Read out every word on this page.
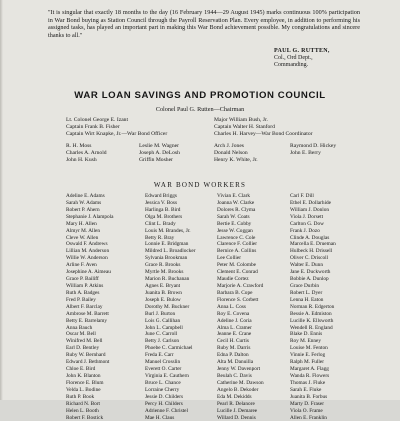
"It is singular that exactly 18 months to the day (16 February 1944—29 August 1945) marks continuous 100% participation in War Bond buying as Station Council through the Payroll Reservation Plan. Every employee, in addition to performing his assigned tasks, has played an important part in making this War Bond achievement possible. My congratulations and sincere thanks to all."
PAUL G. RUTTEN,
Col., Ord Dept.,
Commanding.
WAR LOAN SAVINGS AND PROMOTION COUNCIL
Colonel Paul G. Rutten—Chairman
Lt. Colonel George E. Izant
Captain Frank B. Fisher
Captain Wirt Knapke, Jr.—War Bond Officer
Major William Bush, Jr.
Captain Walter H. Stanford
Charles H. Harvey—War Bond Coordinator
R. H. Moss
Charles A. Arnold
John H. Kush
Leslie M. Wagner
Joseph A. DeLosh
Griffin Mosher
Arch J. Jones
Donald Nelson
Henry K. White, Jr.
Raymond D. Hickey
John E. Berry
WAR BOND WORKERS
Adeline E. Adams
Sarah W. Adams
Robert P. Ahern
Stephanie J. Alampola
Mary H. Allen
Almyr M. Allen
Cleve W. Allen
Oswald F. Andrews
Lillian M. Anderson
Willie W. Anderson
Arline F. Aven
Josephine A. Aimeau
Grace P. Bailiff
William P. Atkins
Ruth A. Badges
Fred P. Bailey
Albert F. Barclay
Ambrose M. Barrett
Betty E. Barrelamy
Anna Bauch
Oscar M. Bell
Winifred M. Bell
Earl D. Bentley
Ruby W. Bernhard
Edward J. Bethmont
Chloe E. Bird
John K. Blanton
Florence E. Blum
Velda L. Bodine
Ruth P. Book
Richard N. Bort
Helen L. Booth
Robert F. Bostick
Edward Briggs
Jessica V. Boss
Harlinga B. Bird
Olga M. Brothers
Clint L. Brady
Louis M. Brandes, Jr.
Betty R. Bray
Lonnie E. Bridgman
Mildred L. Broadlocker
Sylvania Brookman
Grace R. Brooks
Myrtle M. Brooks
Marion R. Buchanan
Agnes E. Bryant
Juanita B. Brown
Joseph E. Bulow
Dorothy M. Buckner
Burl J. Burton
Lois G. Callihan
John L. Campbell
June C. Carroll
Betty J. Carlson
Phoebe C. Carmichael
Freda E. Carr
Manuel Crosslin
Everett O. Carter
Virginia E. Cauthern
Bruce L. Chance
Lorraine Cherry
Jessie D. Childers
Percy H. Childers
Adrienne F. Christel
Mae H. Claus
Vivian E. Clark
Joanna W. Clarke
Dolores R. Clyma
Sarah W. Coats
Bertie E. Cobby
Jesse W. Coggan
Lawrence C. Cole
Clarence F. Collier
Bernice A. Collins
Lee Collier
Peter M. Colombe
Clement E. Conrad
Maudie Cortez
Marjorie A. Crawford
Barbara B. Cope
Florence S. Corbett
Anna L. Coss
Roy E. Covena
Adeline J. Coria
Alma L. Cramer
Jeanne E. Crane
Cecil H. Curtis
Ruby M. Darris
Edna P. Dalton
Alta M. Danuilla
Jenny W. Davenport
Beulah C. Davis
Catherine M. Dawson
Angelo B. Dekoder
Eda M. Dekidds
Pearl R. Delanore
Lucille J. Demaree
Willard D. Dennis
Carl F. Dill
Ethel E. Dollarhide
William J. Donlon
Viola J. Dorsett
Carlton G. Dow
Frank J. Dozo
Clinde A. Douglas
Marcella E. Drueman
Hulbeck H. Drissell
Oliver C. Driscoll
Walter E. Dunn
Jane E. Duckworth
Bobbie A. Dunlop
Grace Durbin
Robert L. Dyer
Lenna H. Eaton
Norman R. Edgerton
Bessie A. Edmiston
Lucille K. Ellsworth
Wendell R. England
Blake D. Ennis
Roy M. Enney
Louise M. Fenton
Vinnie E. Ferlog
Ralph M. Fuller
Margaret A. Flagg
Wanda R. Flowers
Thomas J. Fluke
Sarah E. Fluke
Juanita B. Forbus
Marty D. Fraser
Viola O. Frame
Allen E. Franklin
